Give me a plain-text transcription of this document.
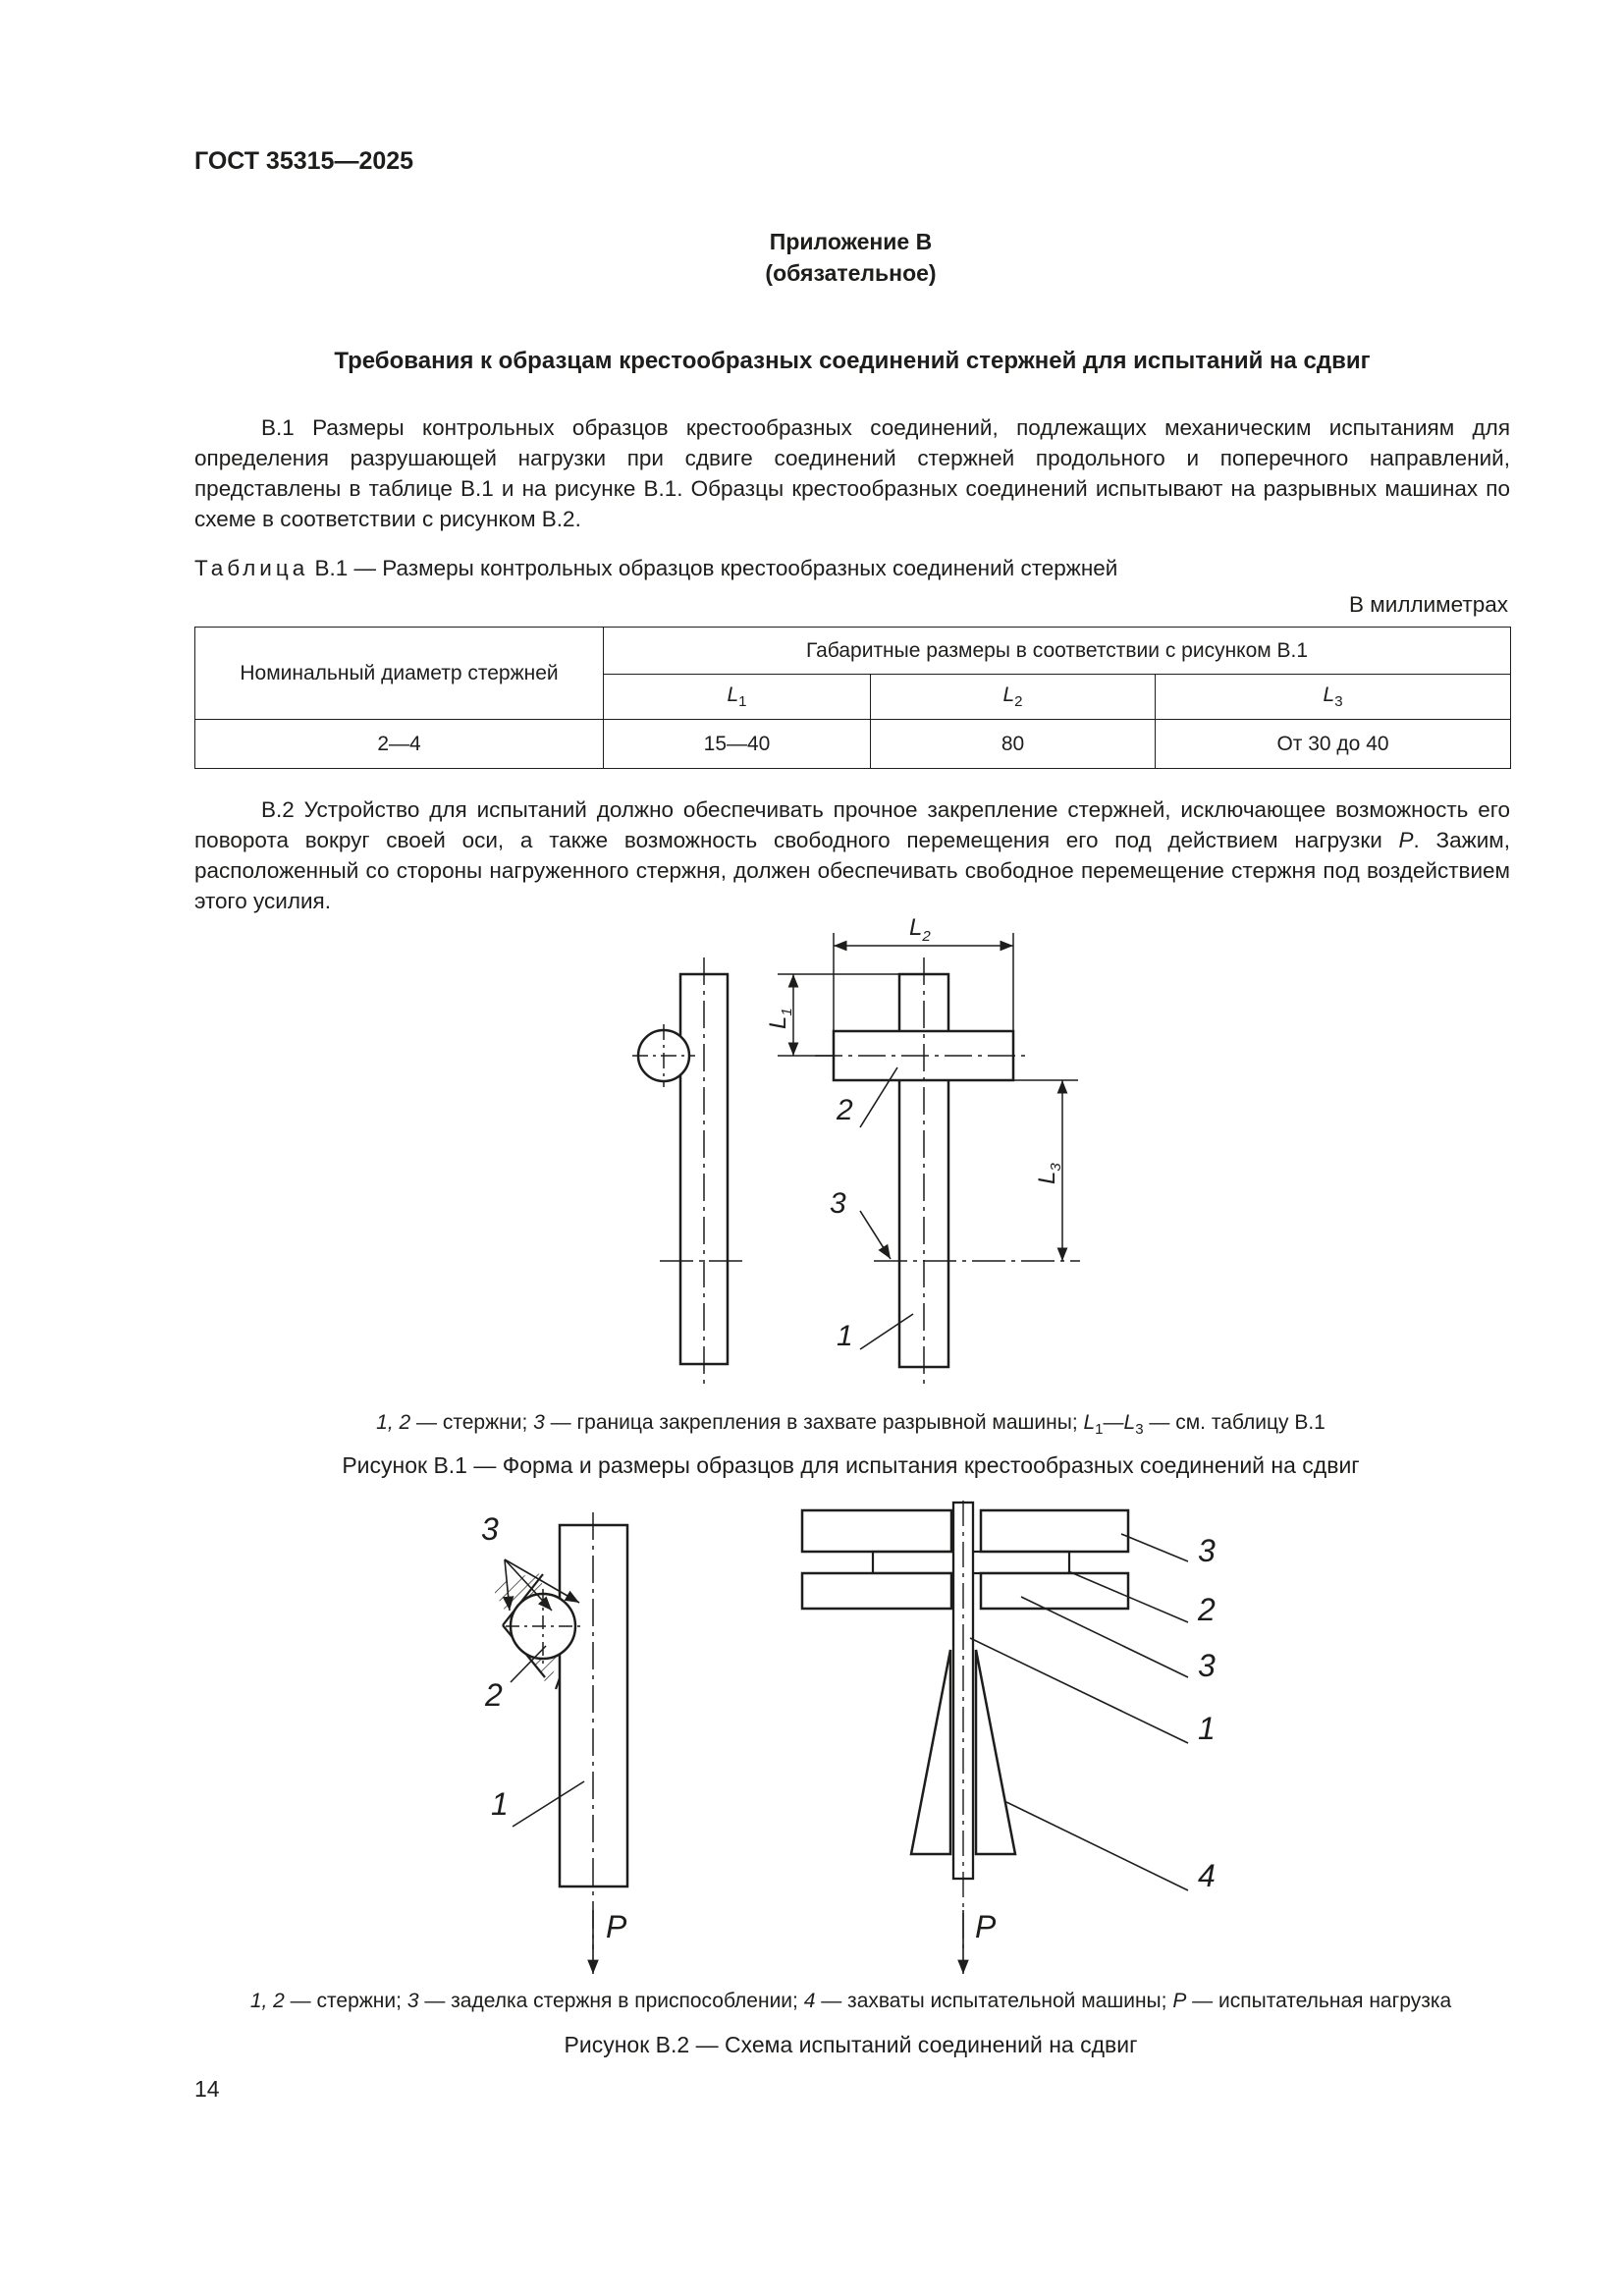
ГОСТ 35315—2025
Приложение В
(обязательное)
Требования к образцам крестообразных соединений стержней для испытаний на сдвиг
В.1 Размеры контрольных образцов крестообразных соединений, подлежащих механическим испытаниям для определения разрушающей нагрузки при сдвиге соединений стержней продольного и поперечного направлений, представлены в таблице В.1 и на рисунке В.1. Образцы крестообразных соединений испытывают на разрывных машинах по схеме в соответствии с рисунком В.2.
Таблица В.1 — Размеры контрольных образцов крестообразных соединений стержней
В миллиметрах
Номинальный диаметр стержней	Габаритные размеры в соответствии с рисунком В.1		
	$L_1$	$L_2$	$L_3$
2—4	15—40	80	От 30 до 40
В.2 Устройство для испытаний должно обеспечивать прочное закрепление стержней, исключающее возможность его поворота вокруг своей оси, а также возможность свободного перемещения его под действием нагрузки P. Зажим, расположенный со стороны нагруженного стержня, должен обеспечивать свободное перемещение стержня под воздействием этого усилия.
$L_2$
$L_1$
$L_3$
2
3
1
3
2
1
P
3
2
3
1
4
P
1, 2 — стержни; 3 — граница закрепления в захвате разрывной машины; $L_1—L_3$ — см. таблицу В.1
Рисунок В.1 — Форма и размеры образцов для испытания крестообразных соединений на сдвиг
1, 2 — стержни; 3 — заделка стержня в приспособлении; 4 — захваты испытательной машины; P — испытательная нагрузка
Рисунок В.2 — Схема испытаний соединений на сдвиг
14
